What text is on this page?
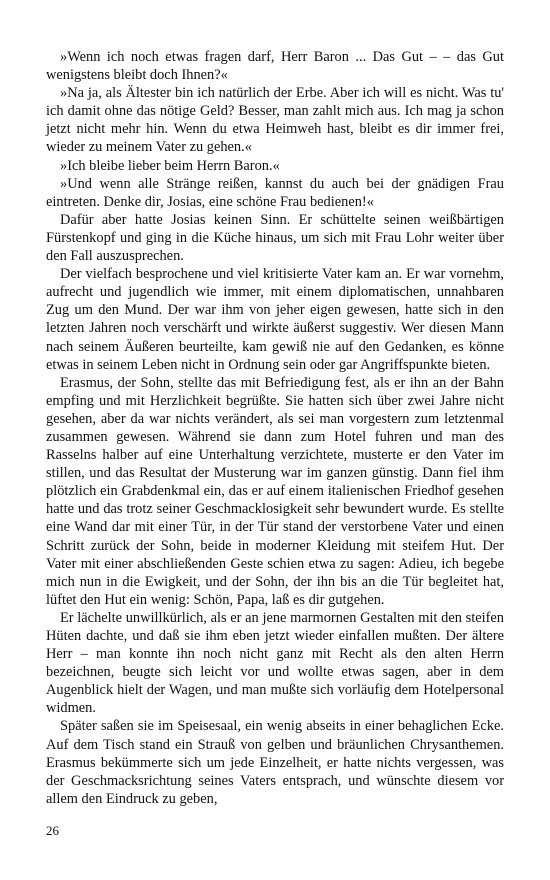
»Wenn ich noch etwas fragen darf, Herr Baron ... Das Gut – – das Gut wenigstens bleibt doch Ihnen?«

»Na ja, als Ältester bin ich natürlich der Erbe. Aber ich will es nicht. Was tu' ich damit ohne das nötige Geld? Besser, man zahlt mich aus. Ich mag ja schon jetzt nicht mehr hin. Wenn du etwa Heimweh hast, bleibt es dir immer frei, wieder zu meinem Vater zu gehen.«

»Ich bleibe lieber beim Herrn Baron.«

»Und wenn alle Stränge reißen, kannst du auch bei der gnädigen Frau eintreten. Denke dir, Josias, eine schöne Frau bedienen!«

Dafür aber hatte Josias keinen Sinn. Er schüttelte seinen weißbärtigen Fürstenkopf und ging in die Küche hinaus, um sich mit Frau Lohr weiter über den Fall auszusprechen.

Der vielfach besprochene und viel kritisierte Vater kam an. Er war vornehm, aufrecht und jugendlich wie immer, mit einem diplomatischen, unnahbaren Zug um den Mund. Der war ihm von jeher eigen gewesen, hatte sich in den letzten Jahren noch verschärft und wirkte äußerst suggestiv. Wer diesen Mann nach seinem Äußeren beurteilte, kam gewiß nie auf den Gedanken, es könne etwas in seinem Leben nicht in Ordnung sein oder gar Angriffspunkte bieten.

Erasmus, der Sohn, stellte das mit Befriedigung fest, als er ihn an der Bahn empfing und mit Herzlichkeit begrüßte. Sie hatten sich über zwei Jahre nicht gesehen, aber da war nichts verändert, als sei man vorgestern zum letztenmal zusammen gewesen. Während sie dann zum Hotel fuhren und man des Rasselns halber auf eine Unterhaltung verzichtete, musterte er den Vater im stillen, und das Resultat der Musterung war im ganzen günstig. Dann fiel ihm plötzlich ein Grabdenkmal ein, das er auf einem italienischen Friedhof gesehen hatte und das trotz seiner Geschmacklosigkeit sehr bewundert wurde. Es stellte eine Wand dar mit einer Tür, in der Tür stand der verstorbene Vater und einen Schritt zurück der Sohn, beide in moderner Kleidung mit steifem Hut. Der Vater mit einer abschließenden Geste schien etwa zu sagen: Adieu, ich begebe mich nun in die Ewigkeit, und der Sohn, der ihn bis an die Tür begleitet hat, lüftet den Hut ein wenig: Schön, Papa, laß es dir gutgehen.

Er lächelte unwillkürlich, als er an jene marmornen Gestalten mit den steifen Hüten dachte, und daß sie ihm eben jetzt wieder einfallen mußten. Der ältere Herr – man konnte ihn noch nicht ganz mit Recht als den alten Herrn bezeichnen, beugte sich leicht vor und wollte etwas sagen, aber in dem Augenblick hielt der Wagen, und man mußte sich vorläufig dem Hotelpersonal widmen.

Später saßen sie im Speisesaal, ein wenig abseits in einer behaglichen Ecke. Auf dem Tisch stand ein Strauß von gelben und bräunlichen Chrysanthemen. Erasmus bekümmerte sich um jede Einzelheit, er hatte nichts vergessen, was der Geschmacksrichtung seines Vaters entsprach, und wünschte diesem vor allem den Eindruck zu geben,

26
